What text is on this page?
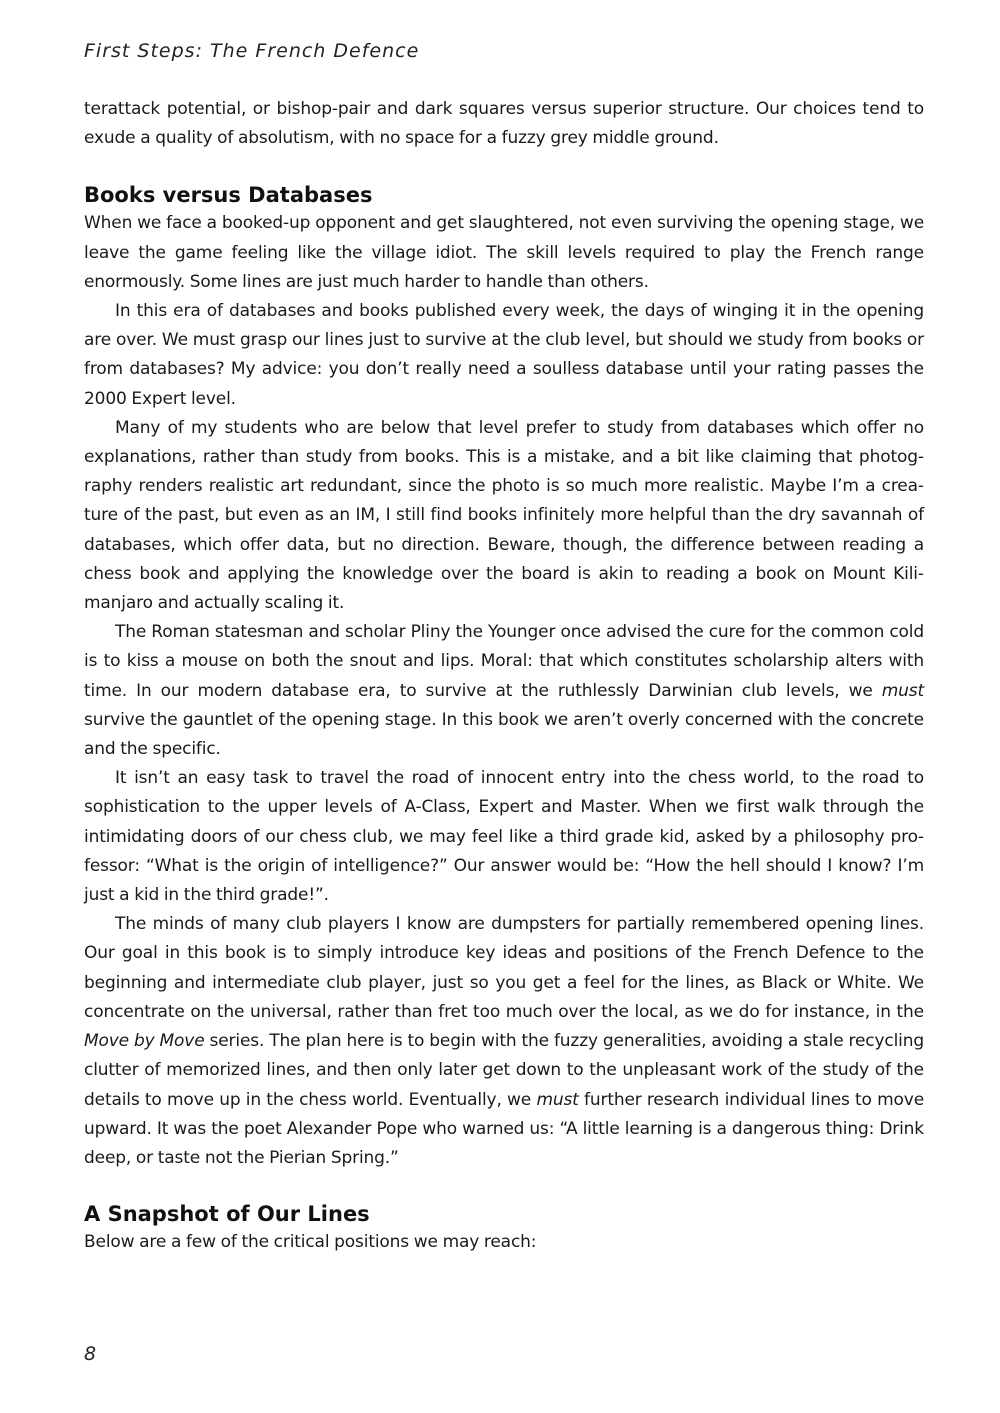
First Steps: The French Defence

terattack potential, or bishop-pair and dark squares versus superior structure. Our choices tend to exude a quality of absolutism, with no space for a fuzzy grey middle ground.

Books versus Databases

When we face a booked-up opponent and get slaughtered, not even surviving the opening stage, we leave the game feeling like the village idiot. The skill levels required to play the French range enormously. Some lines are just much harder to handle than others.

In this era of databases and books published every week, the days of winging it in the opening are over. We must grasp our lines just to survive at the club level, but should we study from books or from databases? My advice: you don’t really need a soulless database until your rating passes the 2000 Expert level.

Many of my students who are below that level prefer to study from databases which offer no explanations, rather than study from books. This is a mistake, and a bit like claiming that photography renders realistic art redundant, since the photo is so much more realistic. Maybe I’m a creature of the past, but even as an IM, I still find books infinitely more helpful than the dry savannah of databases, which offer data, but no direction. Beware, though, the difference between reading a chess book and applying the knowledge over the board is akin to reading a book on Mount Kilimanjaro and actually scaling it.

The Roman statesman and scholar Pliny the Younger once advised the cure for the common cold is to kiss a mouse on both the snout and lips. Moral: that which constitutes scholarship alters with time. In our modern database era, to survive at the ruthlessly Darwinian club levels, we must survive the gauntlet of the opening stage. In this book we aren’t overly concerned with the concrete and the specific.

It isn’t an easy task to travel the road of innocent entry into the chess world, to the road to sophistication to the upper levels of A-Class, Expert and Master. When we first walk through the intimidating doors of our chess club, we may feel like a third grade kid, asked by a philosophy professor: “What is the origin of intelligence?” Our answer would be: “How the hell should I know? I’m just a kid in the third grade!”.

The minds of many club players I know are dumpsters for partially remembered opening lines. Our goal in this book is to simply introduce key ideas and positions of the French Defence to the beginning and intermediate club player, just so you get a feel for the lines, as Black or White. We concentrate on the universal, rather than fret too much over the local, as we do for instance, in the Move by Move series. The plan here is to begin with the fuzzy generalities, avoiding a stale recycling clutter of memorized lines, and then only later get down to the unpleasant work of the study of the details to move up in the chess world. Eventually, we must further research individual lines to move upward. It was the poet Alexander Pope who warned us: “A little learning is a dangerous thing: Drink deep, or taste not the Pierian Spring.”

A Snapshot of Our Lines

Below are a few of the critical positions we may reach:

8
